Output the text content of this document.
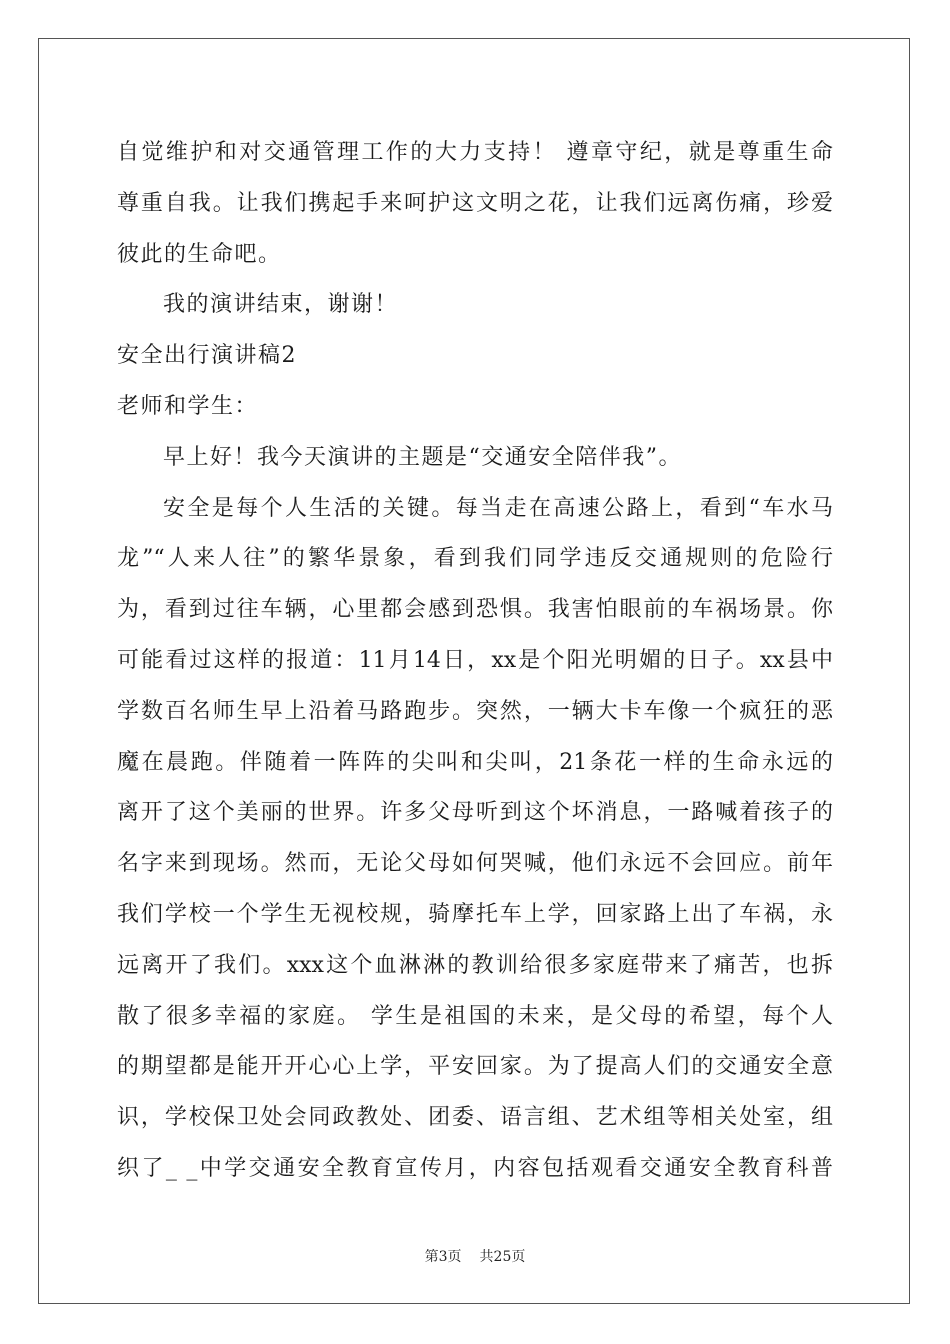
自觉维护和对交通管理工作的大力支持！ 遵章守纪，就是尊重生命
尊重自我。让我们携起手来呵护这文明之花，让我们远离伤痛，珍爱
彼此的生命吧。
我的演讲结束，谢谢！
安全出行演讲稿2
老师和学生：
早上好！我今天演讲的主题是“交通安全陪伴我”。
安全是每个人生活的关键。每当走在高速公路上，看到“车水马
龙”“人来人往”的繁华景象，看到我们同学违反交通规则的危险行
为，看到过往车辆，心里都会感到恐惧。我害怕眼前的车祸场景。你
可能看过这样的报道：11月14日，xx是个阳光明媚的日子。xx县中
学数百名师生早上沿着马路跑步。突然，一辆大卡车像一个疯狂的恶
魔在晨跑。伴随着一阵阵的尖叫和尖叫，21条花一样的生命永远的
离开了这个美丽的世界。许多父母听到这个坏消息，一路喊着孩子的
名字来到现场。然而，无论父母如何哭喊，他们永远不会回应。前年
我们学校一个学生无视校规，骑摩托车上学，回家路上出了车祸，永
远离开了我们。xxx这个血淋淋的教训给很多家庭带来了痛苦，也拆
散了很多幸福的家庭。 学生是祖国的未来，是父母的希望，每个人
的期望都是能开开心心上学，平安回家。为了提高人们的交通安全意
识，学校保卫处会同政教处、团委、语言组、艺术组等相关处室，组
织了_ _中学交通安全教育宣传月，内容包括观看交通安全教育科普
第3页 共25页
